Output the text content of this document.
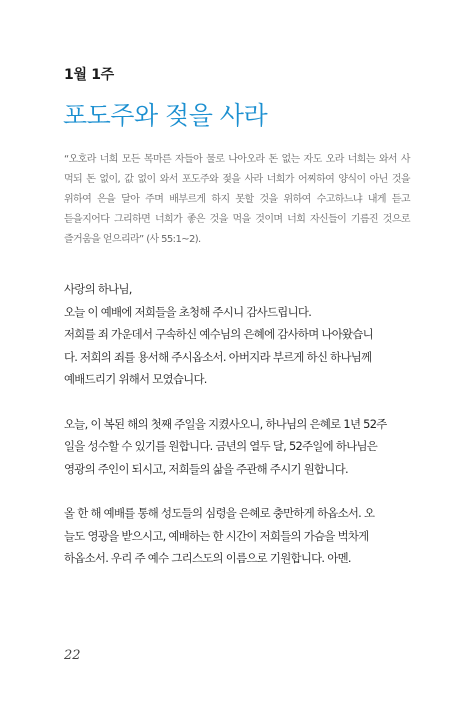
1월 1주
포도주와 젖을 사라
“오호라 너희 모든 목마른 자들아 물로 나아오라 돈 없는 자도 오라 너희는 와서 사 먹되 돈 없이, 값 없이 와서 포도주와 젖을 사라 너희가 어찌하여 양식이 아닌 것을 위하여 은을 달아 주며 배부르게 하지 못할 것을 위하여 수고하느냐 내게 듣고 듣을지어다 그리하면 너희가 좋은 것을 먹을 것이며 너희 자신들이 기름진 것으로 즐거움을 얻으리라” (사 55:1~2).

사랑의 하나님,
오늘 이 예배에 저희들을 초청해 주시니 감사드립니다.
저희를 죄 가운데서 구속하신 예수님의 은혜에 감사하며 나아왔습니
다. 저희의 죄를 용서해 주시옵소서. 아버지라 부르게 하신 하나님께
예배드리기 위해서 모였습니다.

오늘, 이 복된 해의 첫째 주일을 지켰사오니, 하나님의 은혜로 1년 52주
일을 성수할 수 있기를 원합니다. 금년의 열두 달, 52주일에 하나님은
영광의 주인이 되시고, 저희들의 삶을 주관해 주시기 원합니다.

올 한 해 예배를 통해 성도들의 심령을 은혜로 충만하게 하옵소서. 오
늘도 영광을 받으시고, 예배하는 한 시간이 저희들의 가슴을 벅차게
하옵소서. 우리 주 예수 그리스도의 이름으로 기원합니다. 아멘.

22
